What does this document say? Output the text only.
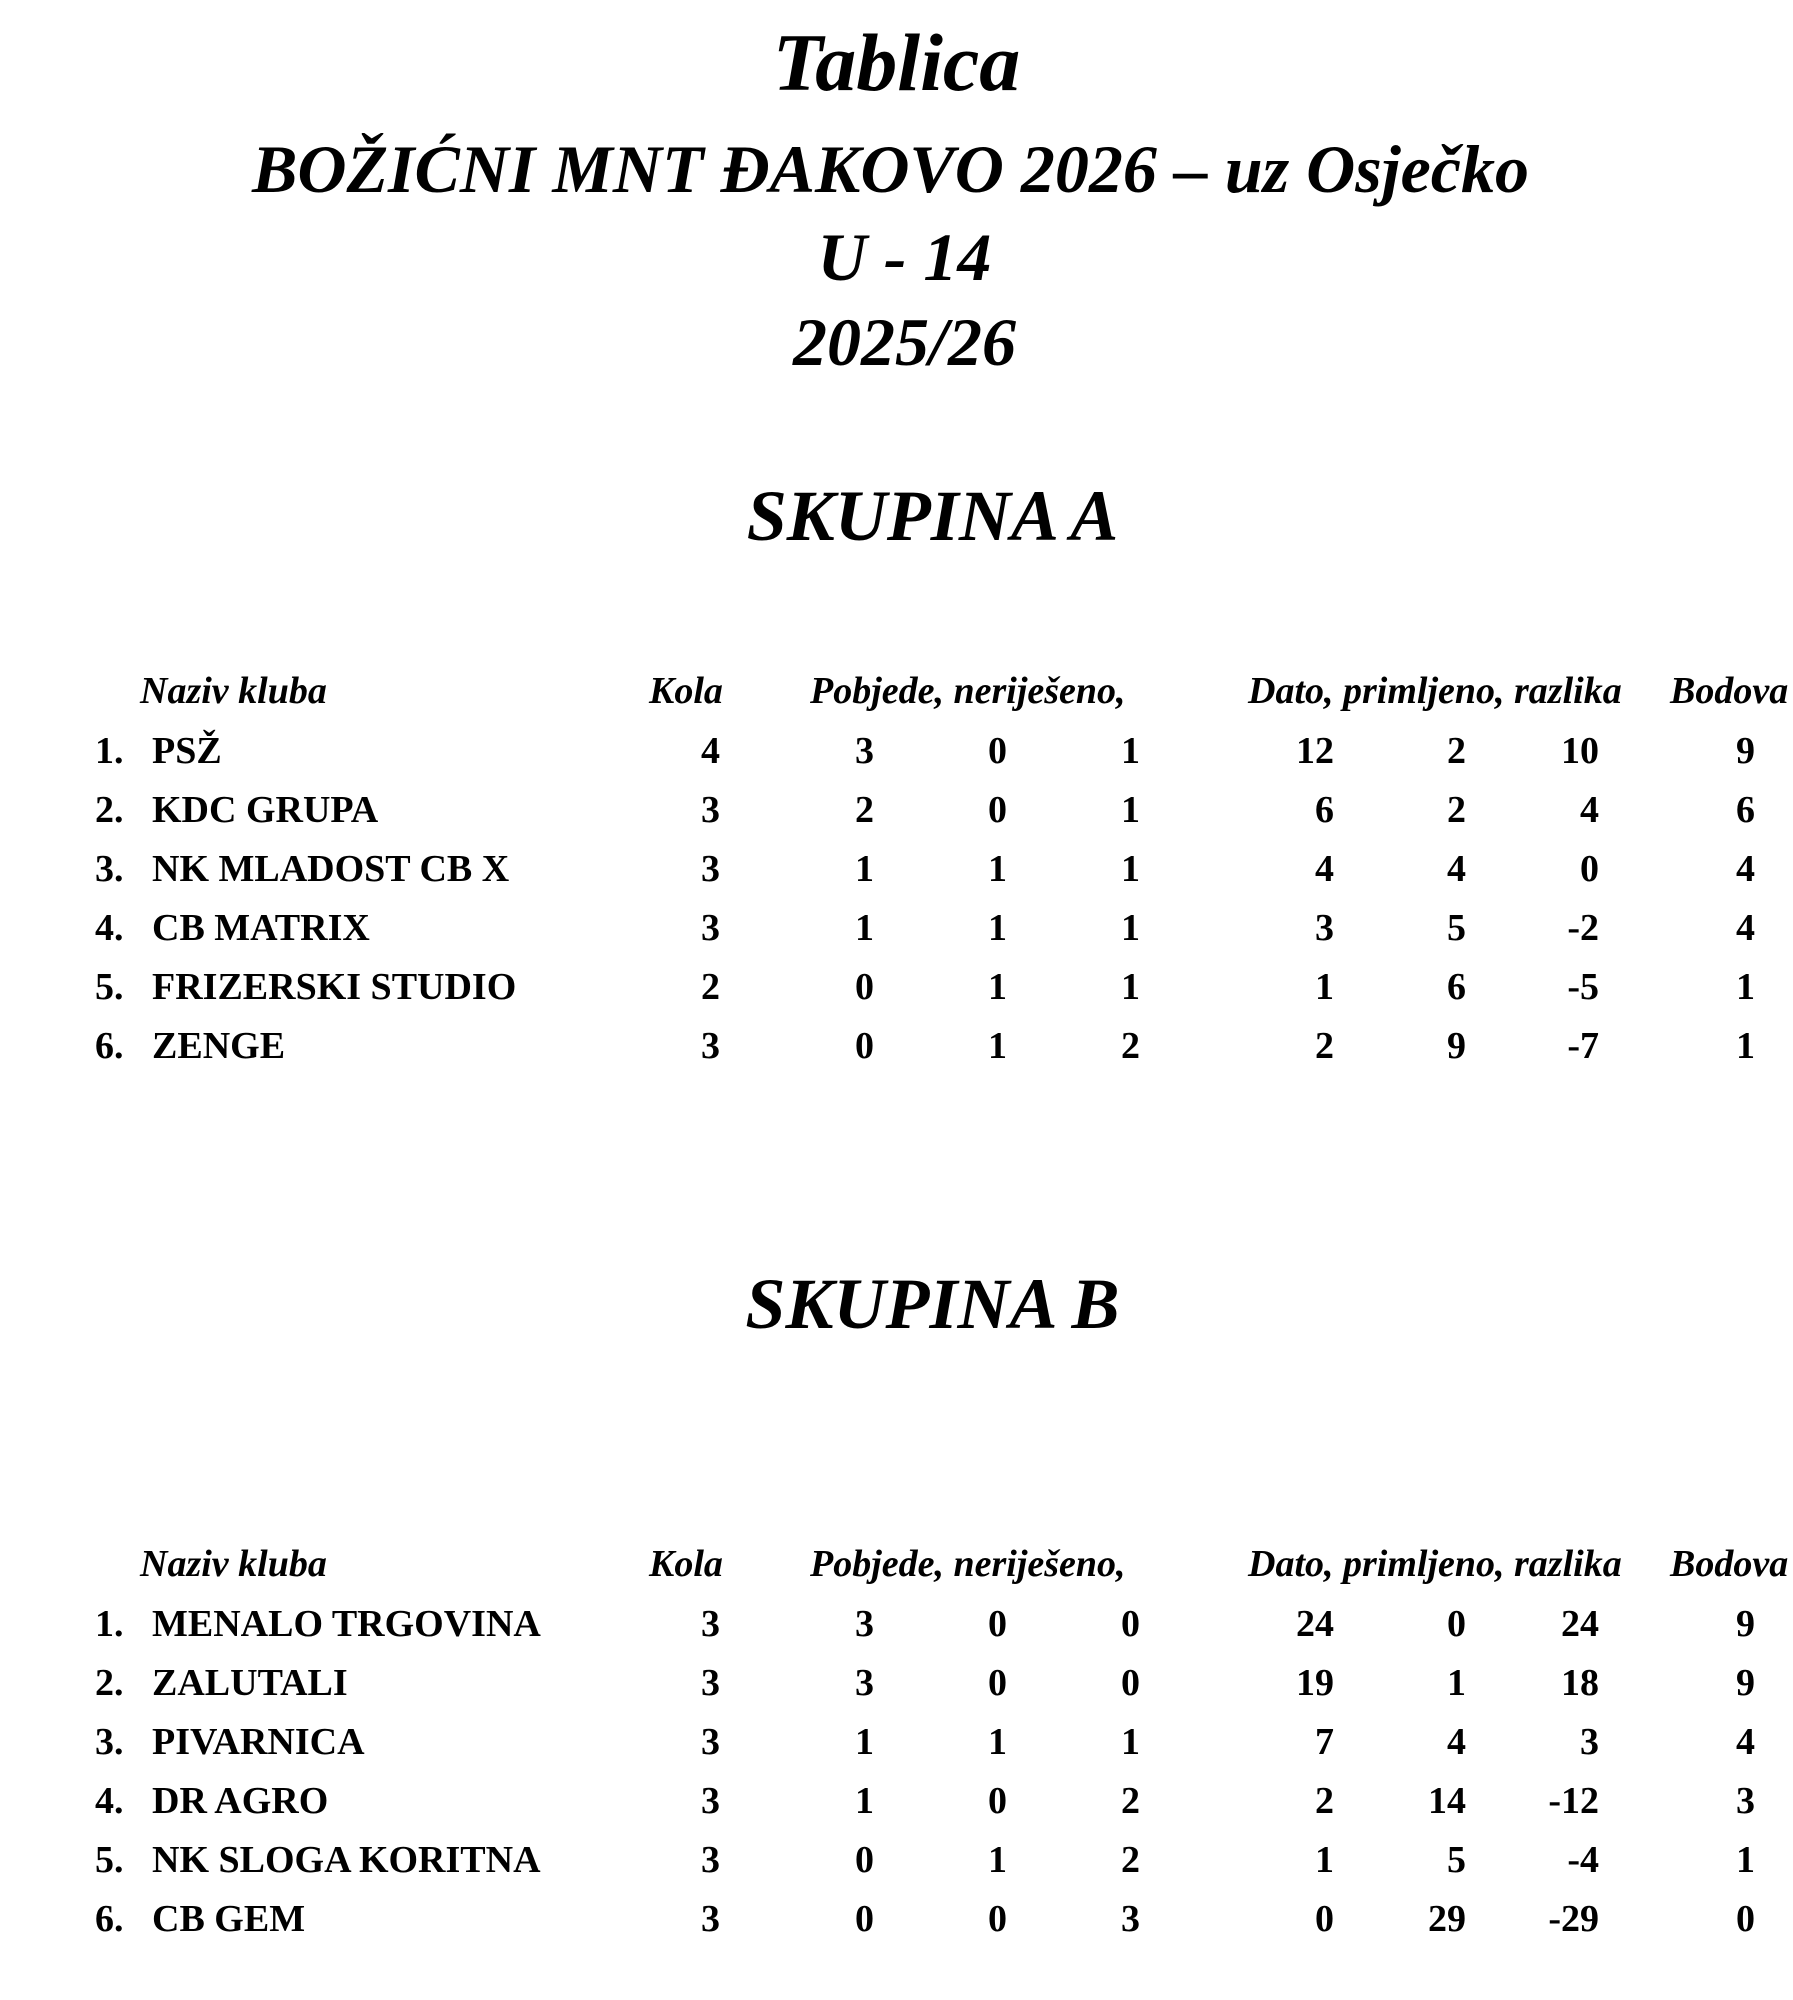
Tablica
BOŽIĆNI MNT ĐAKOVO 2026 – uz Osječko
U - 14
2025/26
SKUPINA A
Naziv kluba	Kola Pobjede, neriješeno,	Dato, primljeno, razlika Bodova
1. PSŽ	4	3	0	1	12	2	10	9
2. KDC GRUPA	3	2	0	1	6	2	4	6
3. NK MLADOST CB X	3	1	1	1	4	4	0	4
4. CB MATRIX	3	1	1	1	3	5	-2	4
5. FRIZERSKI STUDIO	2	0	1	1	1	6	-5	1
6. ZENGE	3	0	1	2	2	9	-7	1
SKUPINA B
Naziv kluba	Kola Pobjede, neriješeno,	Dato, primljeno, razlika Bodova
1. MENALO TRGOVINA	3	3	0	0	24	0	24	9
2. ZALUTALI	3	3	0	0	19	1	18	9
3. PIVARNICA	3	1	1	1	7	4	3	4
4. DR AGRO	3	1	0	2	2	14	-12	3
5. NK SLOGA KORITNA	3	0	1	2	1	5	-4	1
6. CB GEM	3	0	0	3	0	29	-29	0
